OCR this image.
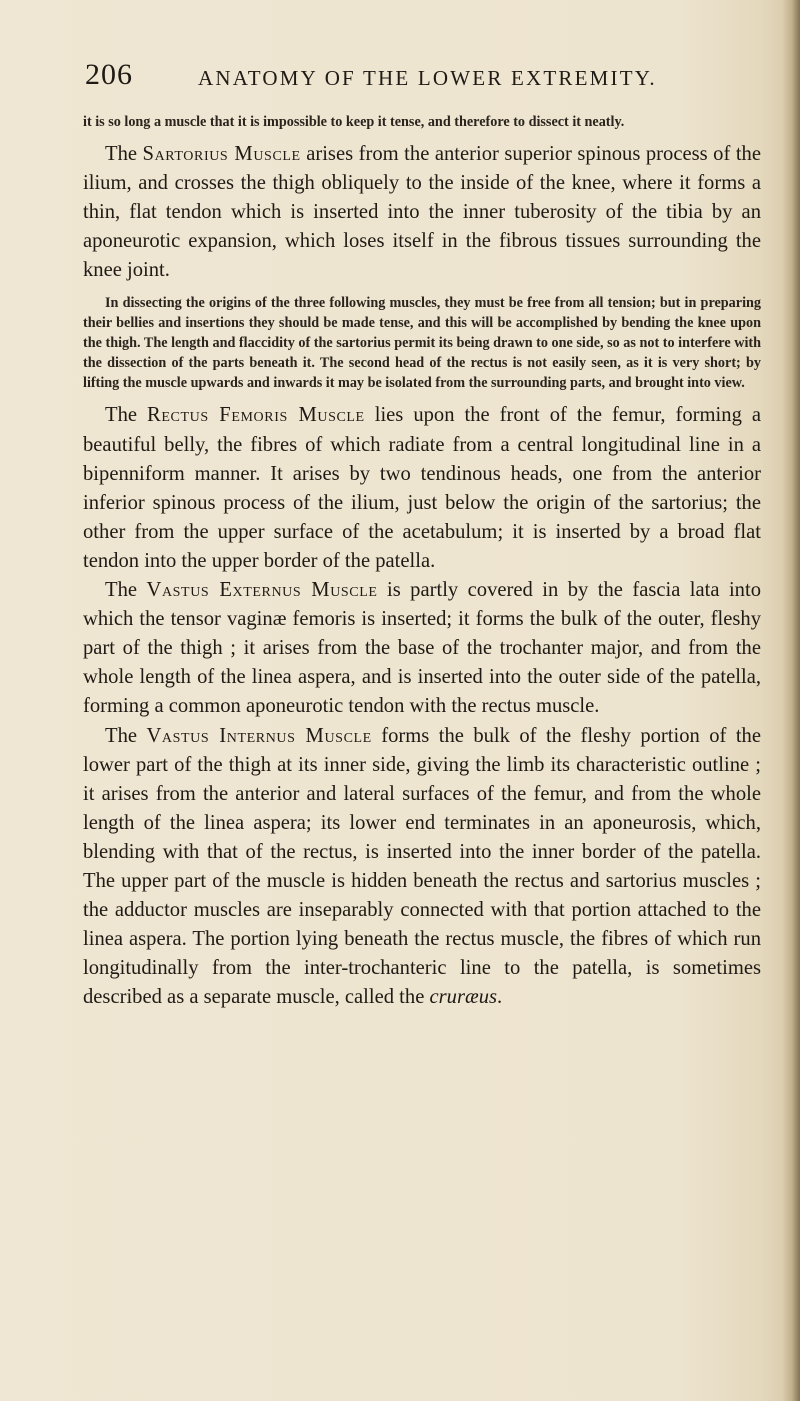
206	ANATOMY OF THE LOWER EXTREMITY.

it is so long a muscle that it is impossible to keep it tense, and therefore to dissect it neatly.

The Sartorius Muscle arises from the anterior superior spinous process of the ilium, and crosses the thigh obliquely to the inside of the knee, where it forms a thin, flat tendon which is inserted into the inner tuberosity of the tibia by an aponeurotic expansion, which loses itself in the fibrous tissues surrounding the knee joint.

In dissecting the origins of the three following muscles, they must be free from all tension; but in preparing their bellies and insertions they should be made tense, and this will be accomplished by bending the knee upon the thigh. The length and flaccidity of the sartorius permit its being drawn to one side, so as not to interfere with the dissection of the parts beneath it. The second head of the rectus is not easily seen, as it is very short; by lifting the muscle upwards and inwards it may be isolated from the surrounding parts, and brought into view.

The Rectus Femoris Muscle lies upon the front of the femur, forming a beautiful belly, the fibres of which radiate from a central longitudinal line in a bipenniform manner. It arises by two tendinous heads, one from the anterior inferior spinous process of the ilium, just below the origin of the sartorius; the other from the upper surface of the acetabulum; it is inserted by a broad flat tendon into the upper border of the patella.

The Vastus Externus Muscle is partly covered in by the fascia lata into which the tensor vaginæ femoris is inserted; it forms the bulk of the outer, fleshy part of the thigh ; it arises from the base of the trochanter major, and from the whole length of the linea aspera, and is inserted into the outer side of the patella, forming a common aponeurotic tendon with the rectus muscle.

The Vastus Internus Muscle forms the bulk of the fleshy portion of the lower part of the thigh at its inner side, giving the limb its characteristic outline ; it arises from the anterior and lateral surfaces of the femur, and from the whole length of the linea aspera; its lower end terminates in an aponeurosis, which, blending with that of the rectus, is inserted into the inner border of the patella. The upper part of the muscle is hidden beneath the rectus and sartorius muscles ; the adductor muscles are inseparably connected with that portion attached to the linea aspera. The portion lying beneath the rectus muscle, the fibres of which run longitudinally from the inter-trochanteric line to the patella, is sometimes described as a separate muscle, called the cruræus.
